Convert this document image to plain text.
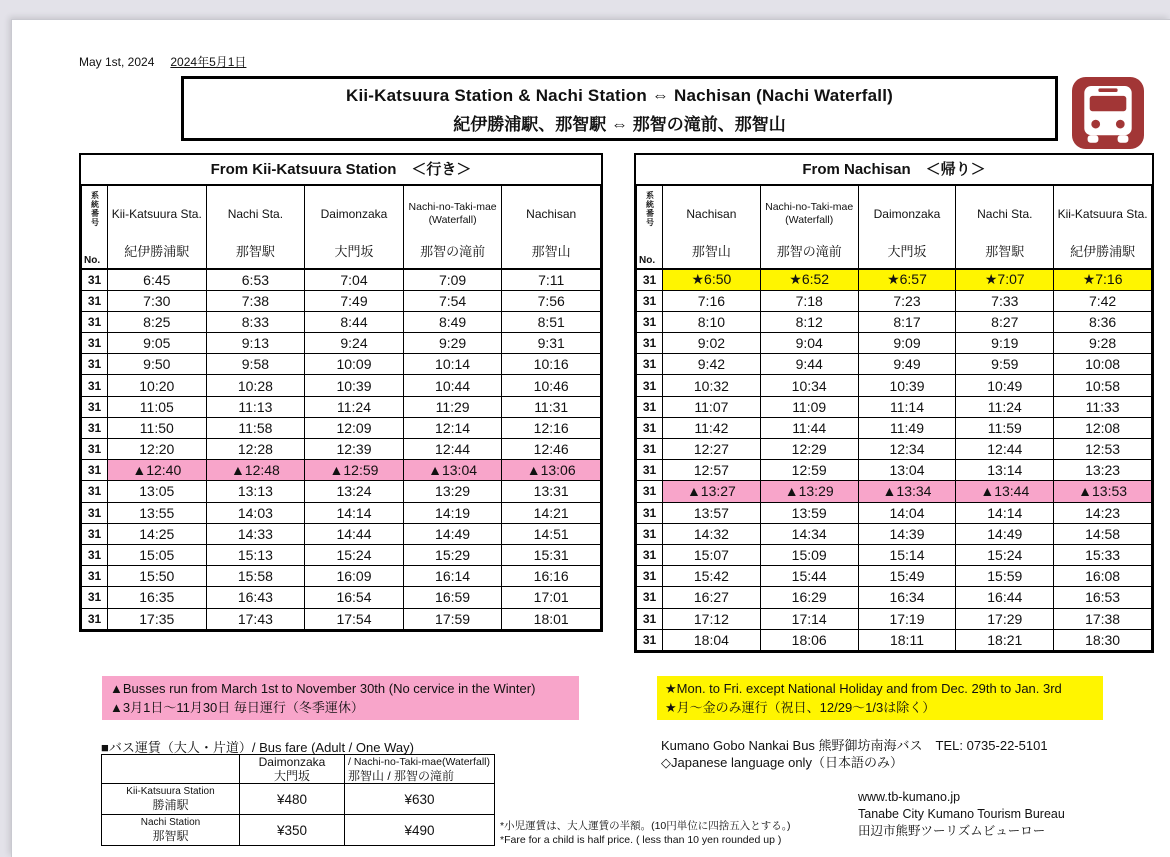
May 1st, 2024 2024年5月1日
Kii-Katsuura Station & Nachi Station ⇔ Nachisan (Nachi Waterfall)
紀伊勝浦駅、那智駅 ⇔ 那智の滝前、那智山
From Kii-Katsuura Station　＜行き＞
系統番号
No.

Kii-Katsuura Sta.
紀伊勝浦駅

Nachi Sta.
那智駅

Daimonzaka
大門坂

Nachi-no-Taki-mae
(Waterfall)
那智の滝前

Nachisan
那智山

31	6:45	6:53	7:04	7:09	7:11
31	7:30	7:38	7:49	7:54	7:56
31	8:25	8:33	8:44	8:49	8:51
31	9:05	9:13	9:24	9:29	9:31
31	9:50	9:58	10:09	10:14	10:16
31	10:20	10:28	10:39	10:44	10:46
31	11:05	11:13	11:24	11:29	11:31
31	11:50	11:58	12:09	12:14	12:16
31	12:20	12:28	12:39	12:44	12:46
31	▲12:40	▲12:48	▲12:59	▲13:04	▲13:06
31	13:05	13:13	13:24	13:29	13:31
31	13:55	14:03	14:14	14:19	14:21
31	14:25	14:33	14:44	14:49	14:51
31	15:05	15:13	15:24	15:29	15:31
31	15:50	15:58	16:09	16:14	16:16
31	16:35	16:43	16:54	16:59	17:01
31	17:35	17:43	17:54	17:59	18:01
From Nachisan　＜帰り＞
系統番号
No.

Nachisan
那智山

Nachi-no-Taki-mae
(Waterfall)
那智の滝前

Daimonzaka
大門坂

Nachi Sta.
那智駅

Kii-Katsuura Sta.
紀伊勝浦駅

31	★6:50	★6:52	★6:57	★7:07	★7:16
31	7:16	7:18	7:23	7:33	7:42
31	8:10	8:12	8:17	8:27	8:36
31	9:02	9:04	9:09	9:19	9:28
31	9:42	9:44	9:49	9:59	10:08
31	10:32	10:34	10:39	10:49	10:58
31	11:07	11:09	11:14	11:24	11:33
31	11:42	11:44	11:49	11:59	12:08
31	12:27	12:29	12:34	12:44	12:53
31	12:57	12:59	13:04	13:14	13:23
31	▲13:27	▲13:29	▲13:34	▲13:44	▲13:53
31	13:57	13:59	14:04	14:14	14:23
31	14:32	14:34	14:39	14:49	14:58
31	15:07	15:09	15:14	15:24	15:33
31	15:42	15:44	15:49	15:59	16:08
31	16:27	16:29	16:34	16:44	16:53
31	17:12	17:14	17:19	17:29	17:38
31	18:04	18:06	18:11	18:21	18:30
▲Busses run from March 1st to November 30th (No cervice in the Winter)
▲3月1日～11月30日 毎日運行（冬季運休）
★Mon. to Fri. except National Holiday and from Dec. 29th to Jan. 3rd
★月～金のみ運行（祝日、12/29～1/3は除く）
■バス運賃（大人・片道）/ Bus fare (Adult / One Way)

Daimonzaka
大門坂

/ Nachi-no-Taki-mae(Waterfall)
那智山 / 那智の滝前

Kii-Katsuura Station
勝浦駅	¥480	¥630

Nachi Station
那智駅	¥350	¥490	*小児運賃は、大人運賃の半額。(10円単位に四捨五入とする。)
*Fare for a child is half price. ( less than 10 yen rounded up )
Kumano Gobo Nankai Bus 熊野御坊南海バス　TEL: 0735-22-5101
◇Japanese language only（日本語のみ）
www.tb-kumano.jp
Tanabe City Kumano Tourism Bureau
田辺市熊野ツーリズムビューロー
